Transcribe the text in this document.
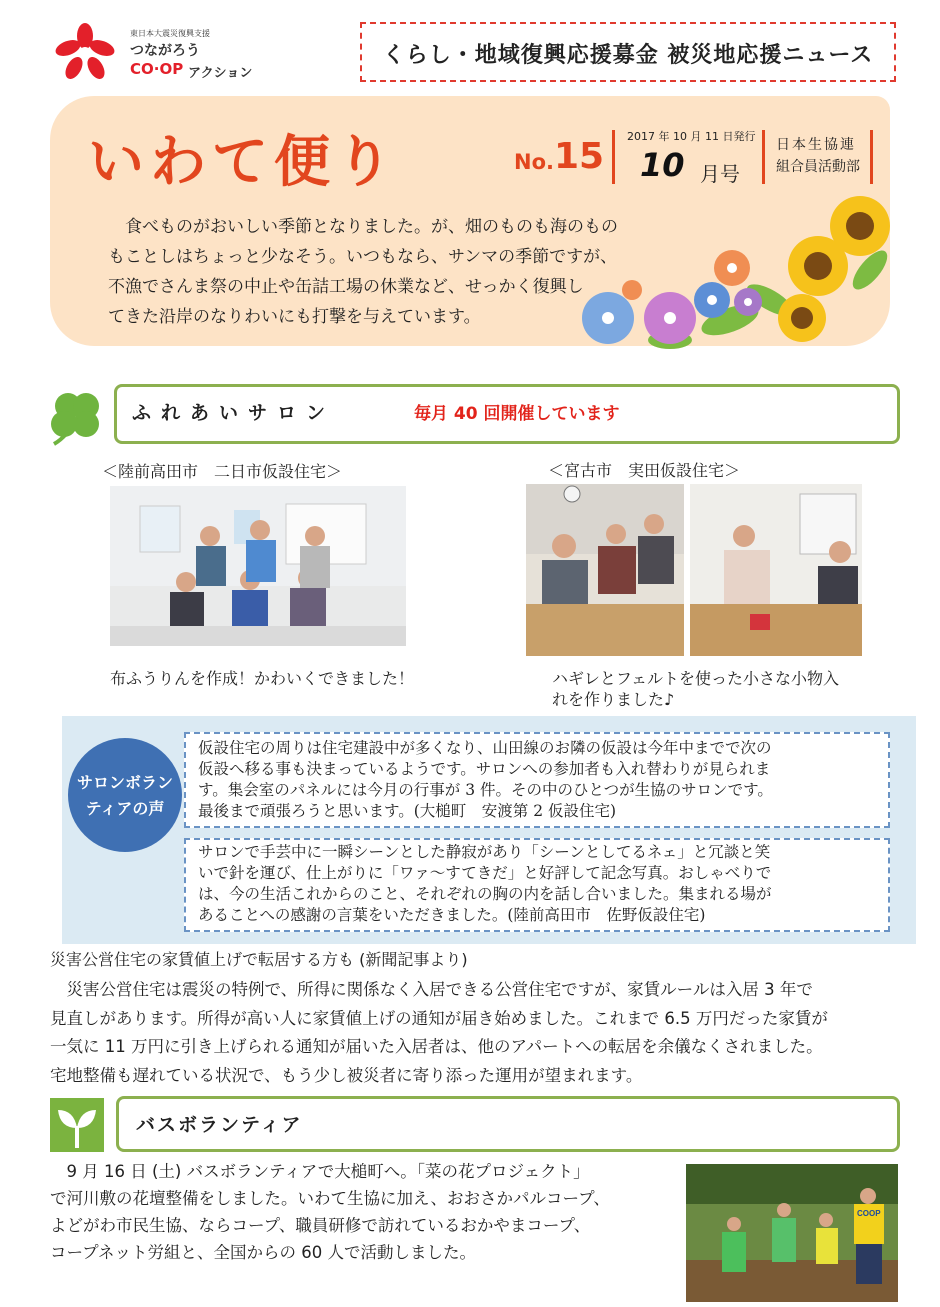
東日本大震災復興支援
つながろう
CO·OP アクション
くらし・地域復興応援募金 被災地応援ニュース
いわて便り	No. 15 2017 年 10 月 11 日発行
10 月号
日本生協連
組合員活動部

　食べものがおいしい季節となりました。が、畑のものも海のもの

もことしはちょっと少なそう。いつもなら、サンマの季節ですが、

不漁でさんま祭の中止や缶詰工場の休業など、せっかく復興し

てきた沿岸のなりわいにも打撃を与えています。

ふれあいサロン	毎月 40 回開催しています
＜陸前高田市　二日市仮設住宅＞
布ふうりんを作成！かわいくできました！
＜宮古市　実田仮設住宅＞
ハギレとフェルトを使った小さな小物入
れを作りました♪
サロンボラン
ティアの声
仮設住宅の周りは住宅建設中が多くなり、山田線のお隣の仮設は今年中までで次の
仮設へ移る事も決まっているようです。サロンへの参加者も入れ替わりが見られま
す。集会室のパネルには今月の行事が 3 件。その中のひとつが生協のサロンです。
最後まで頑張ろうと思います。(大槌町　安渡第 2 仮設住宅)
サロンで手芸中に一瞬シーンとした静寂があり「シーンとしてるネェ」と冗談と笑
いで針を運び、仕上がりに「ワァ～すてきだ」と好評して記念写真。おしゃべりで
は、今の生活これからのこと、それぞれの胸の内を話し合いました。集まれる場が
あることへの感謝の言葉をいただきました。(陸前高田市　佐野仮設住宅)
災害公営住宅の家賃値上げで転居する方も (新聞記事より)

　災害公営住宅は震災の特例で、所得に関係なく入居できる公営住宅ですが、家賃ルールは入居 3 年で

見直しがあります。所得が高い人に家賃値上げの通知が届き始めました。これまで 6.5 万円だった家賃が

一気に 11 万円に引き上げられる通知が届いた入居者は、他のアパートへの転居を余儀なくされました。

宅地整備も遅れている状況で、もう少し被災者に寄り添った運用が望まれます。

バスボランティア

　9 月 16 日 (土) バスボランティアで大槌町へ。「菜の花プロジェクト」

で河川敷の花壇整備をしました。いわて生協に加え、おおさかパルコープ、

よどがわ市民生協、ならコープ、職員研修で訪れているおかやまコープ、

コープネット労組と、全国からの 60 人で活動しました。

COOP
